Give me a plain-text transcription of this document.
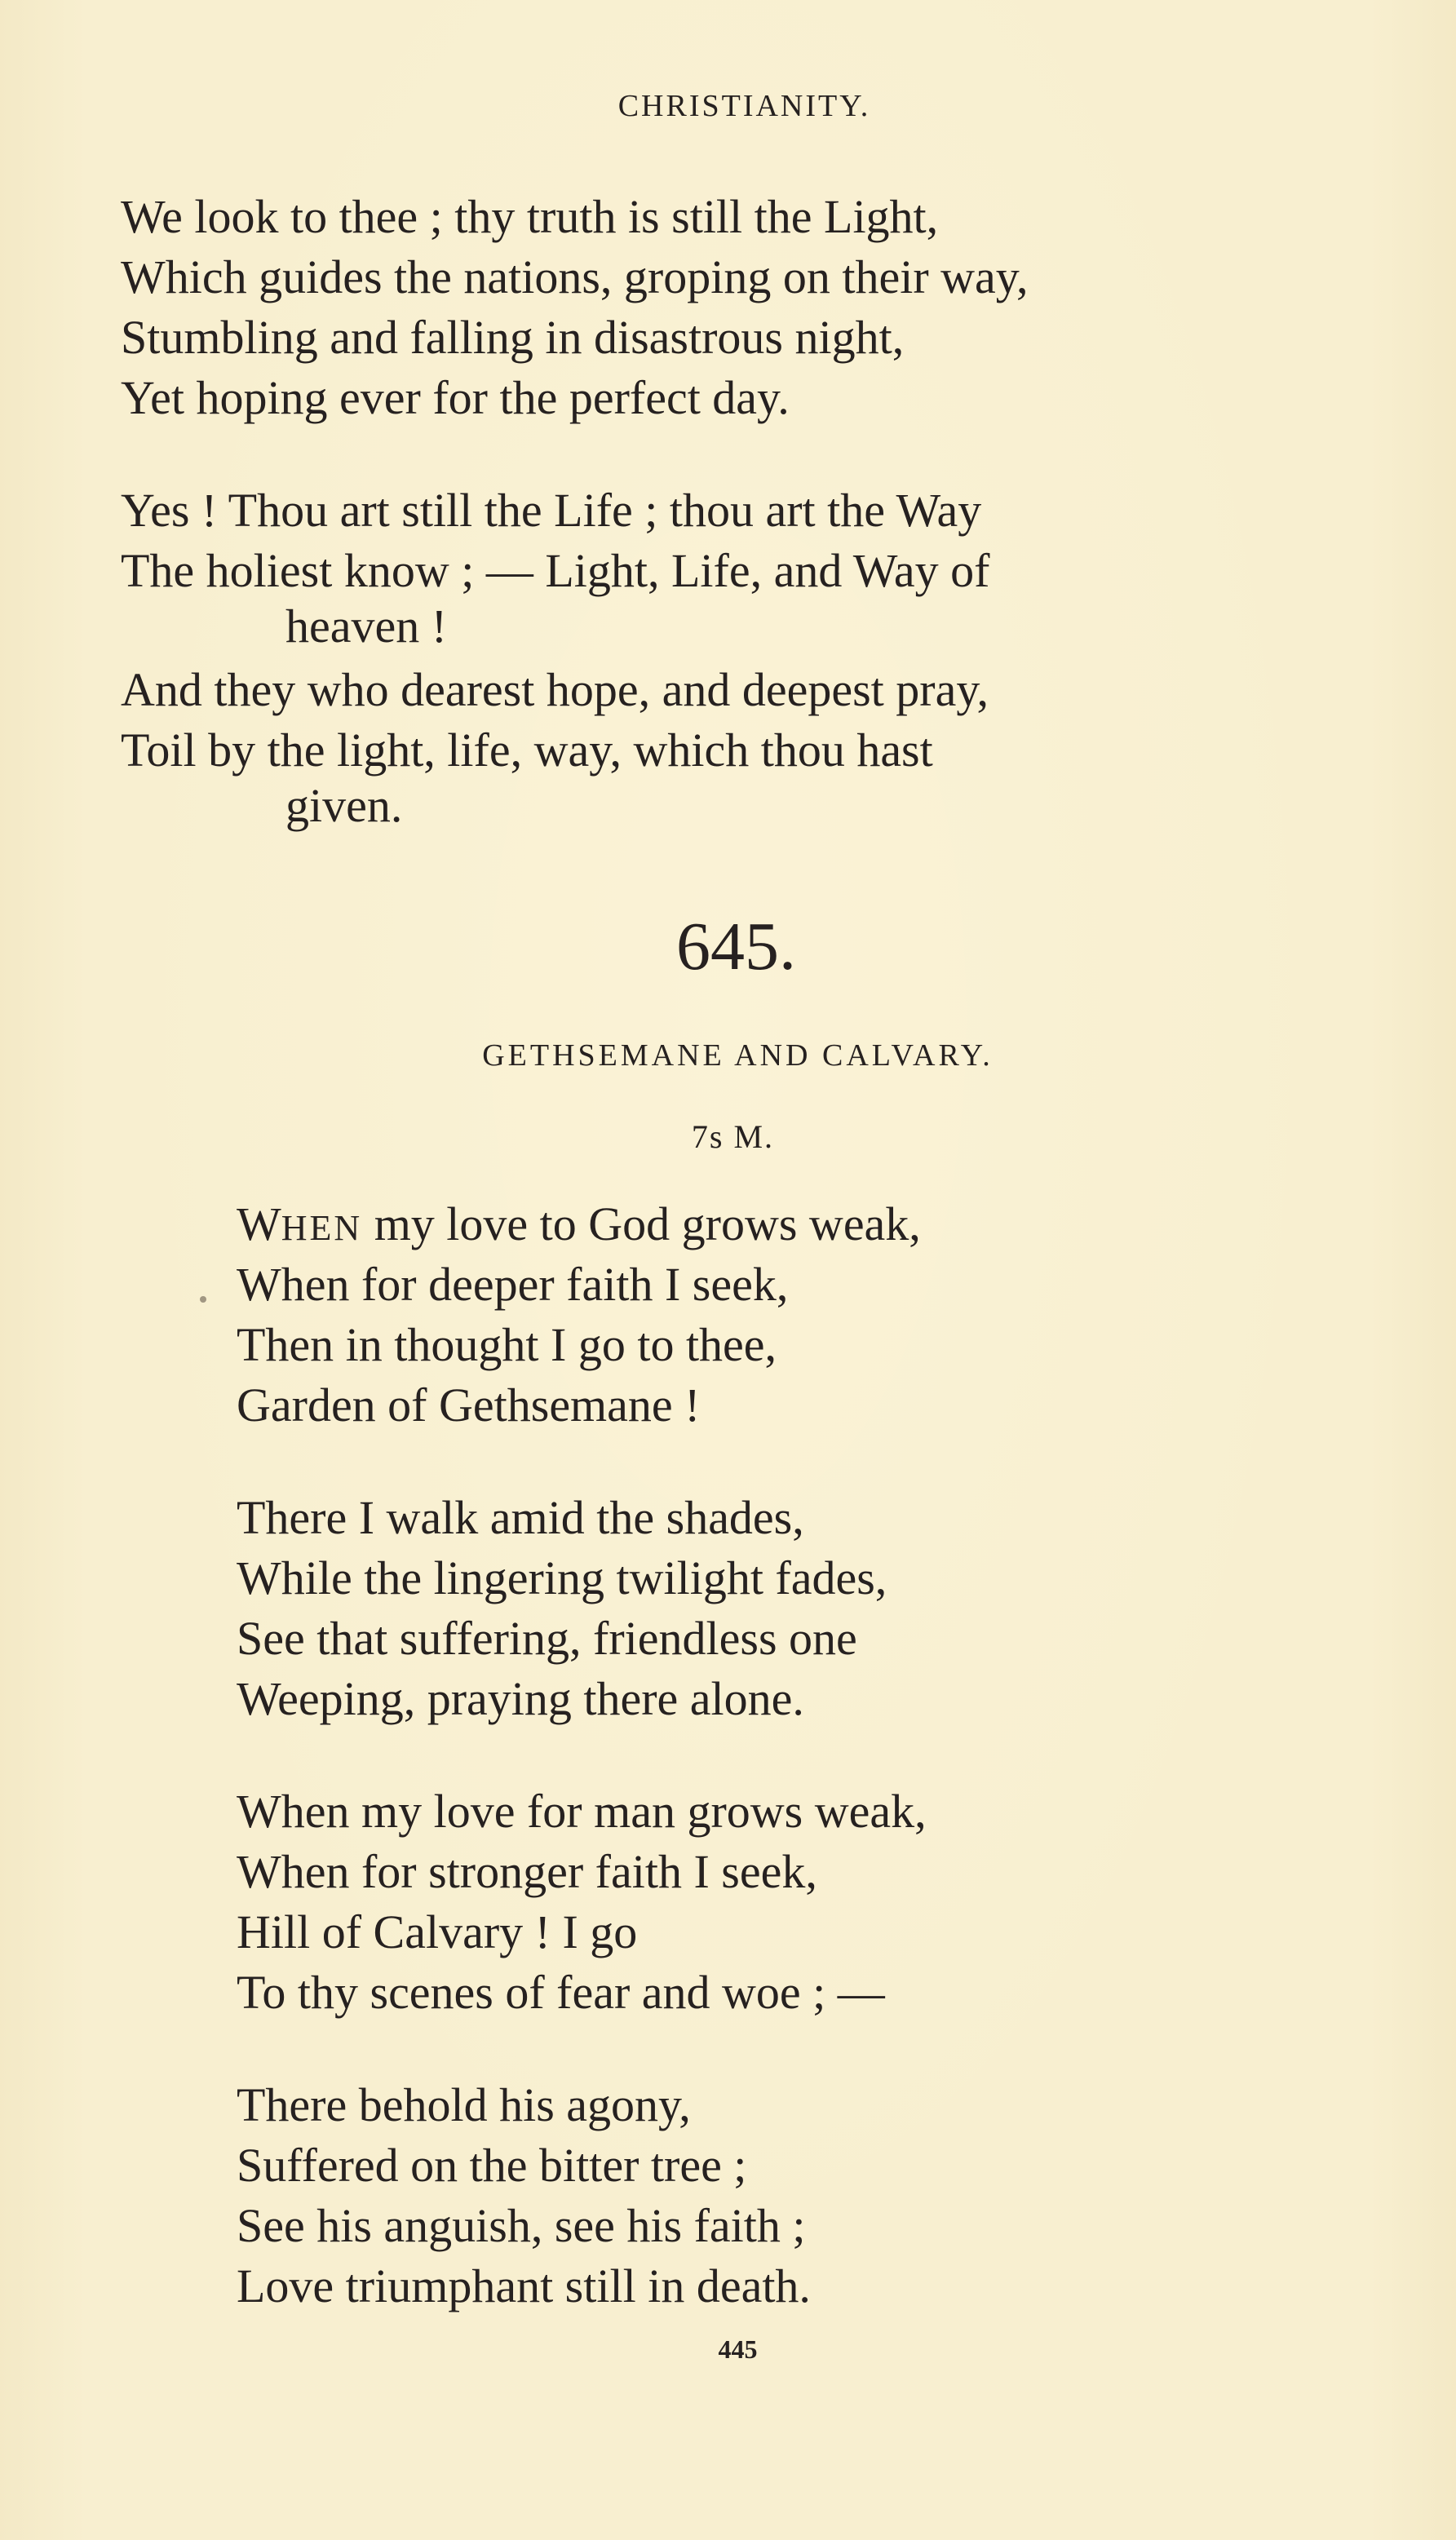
CHRISTIANITY.
We look to thee ; thy truth is still the Light,
Which guides the nations, groping on their way,
Stumbling and falling in disastrous night,
Yet hoping ever for the perfect day.
Yes ! Thou art still the Life ; thou art the Way
The holiest know ; — Light, Life, and Way of
heaven !
And they who dearest hope, and deepest pray,
Toil by the light, life, way, which thou hast
given.
645.
GETHSEMANE AND CALVARY.
7s M.
WHEN my love to God grows weak,
When for deeper faith I seek,
Then in thought I go to thee,
Garden of Gethsemane !
There I walk amid the shades,
While the lingering twilight fades,
See that suffering, friendless one
Weeping, praying there alone.
When my love for man grows weak,
When for stronger faith I seek,
Hill of Calvary ! I go
To thy scenes of fear and woe ; —
There behold his agony,
Suffered on the bitter tree ;
See his anguish, see his faith ;
Love triumphant still in death.
445
